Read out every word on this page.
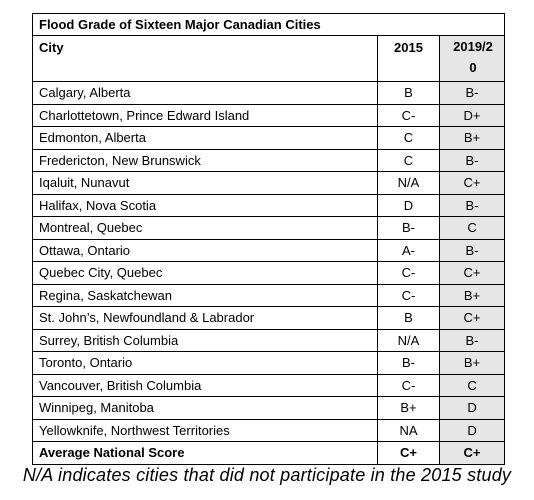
Flood Grade of Sixteen Major Canadian Cities		
City	2015	2019/20
Calgary, Alberta	B	B-
Charlottetown, Prince Edward Island	C-	D+
Edmonton, Alberta	C	B+
Fredericton, New Brunswick	C	B-
Iqaluit, Nunavut	N/A	C+
Halifax, Nova Scotia	D	B-
Montreal, Quebec	B-	C
Ottawa, Ontario	A-	B-
Quebec City, Quebec	C-	C+
Regina, Saskatchewan	C-	B+
St. John’s, Newfoundland & Labrador	B	C+
Surrey, British Columbia	N/A	B-
Toronto, Ontario	B-	B+
Vancouver, British Columbia	C-	C
Winnipeg, Manitoba	B+	D
Yellowknife, Northwest Territories	NA	D
Average National Score	C+	C+
N/A indicates cities that did not participate in the 2015 study
